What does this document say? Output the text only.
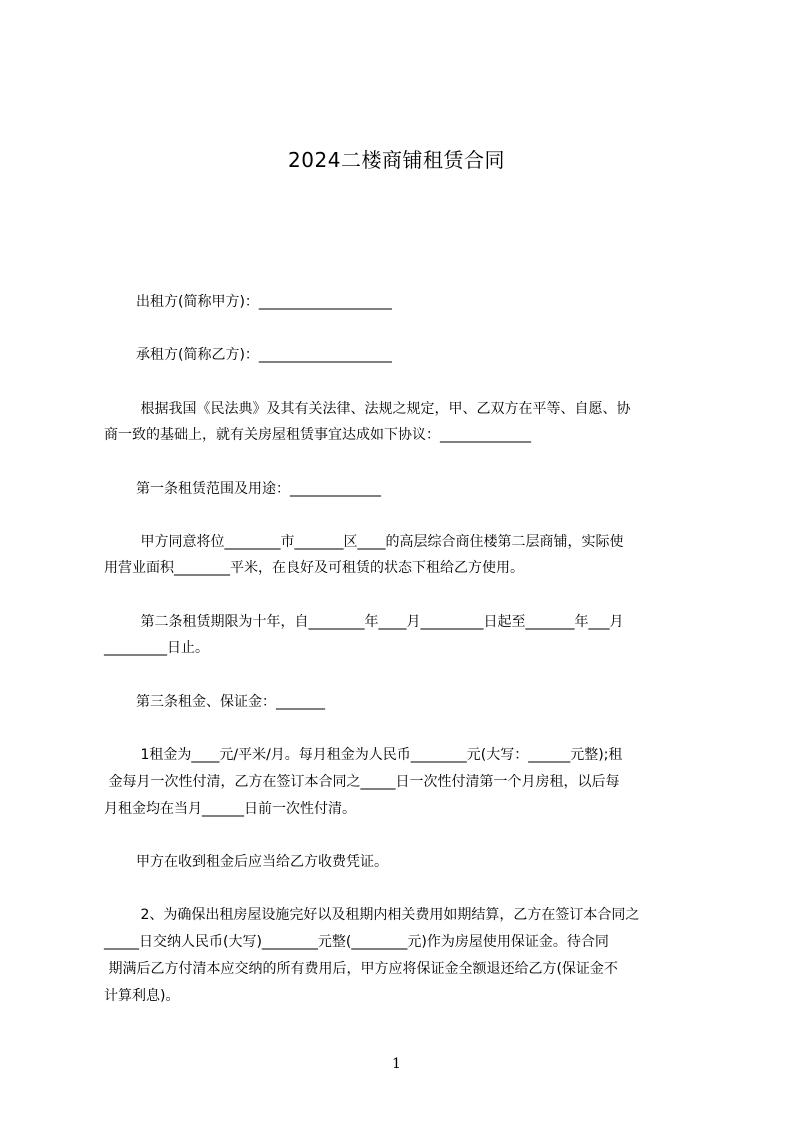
2024二楼商铺租赁合同
出租方(简称甲方)：___________________
承租方(简称乙方)：___________________
根据我国《民法典》及其有关法律、法规之规定，甲、乙双方在平等、自愿、协
商一致的基础上，就有关房屋租赁事宜达成如下协议：_____________
第一条租赁范围及用途：_____________
甲方同意将位________市_______区____的高层综合商住楼第二层商铺，实际使
用营业面积________平米，在良好及可租赁的状态下租给乙方使用。
第二条租赁期限为十年，自________年____月_________日起至_______年___月
_________日止。
第三条租金、保证金：_______
1租金为____元/平米/月。每月租金为人民币________元(大写：______元整);租
金每月一次性付清，乙方在签订本合同之_____日一次性付清第一个月房租，以后每
月租金均在当月______日前一次性付清。
甲方在收到租金后应当给乙方收费凭证。
2、为确保出租房屋设施完好以及租期内相关费用如期结算，乙方在签订本合同之
_____日交纳人民币(大写)________元整(________元)作为房屋使用保证金。待合同
期满后乙方付清本应交纳的所有费用后，甲方应将保证金全额退还给乙方(保证金不
计算利息)。
1
